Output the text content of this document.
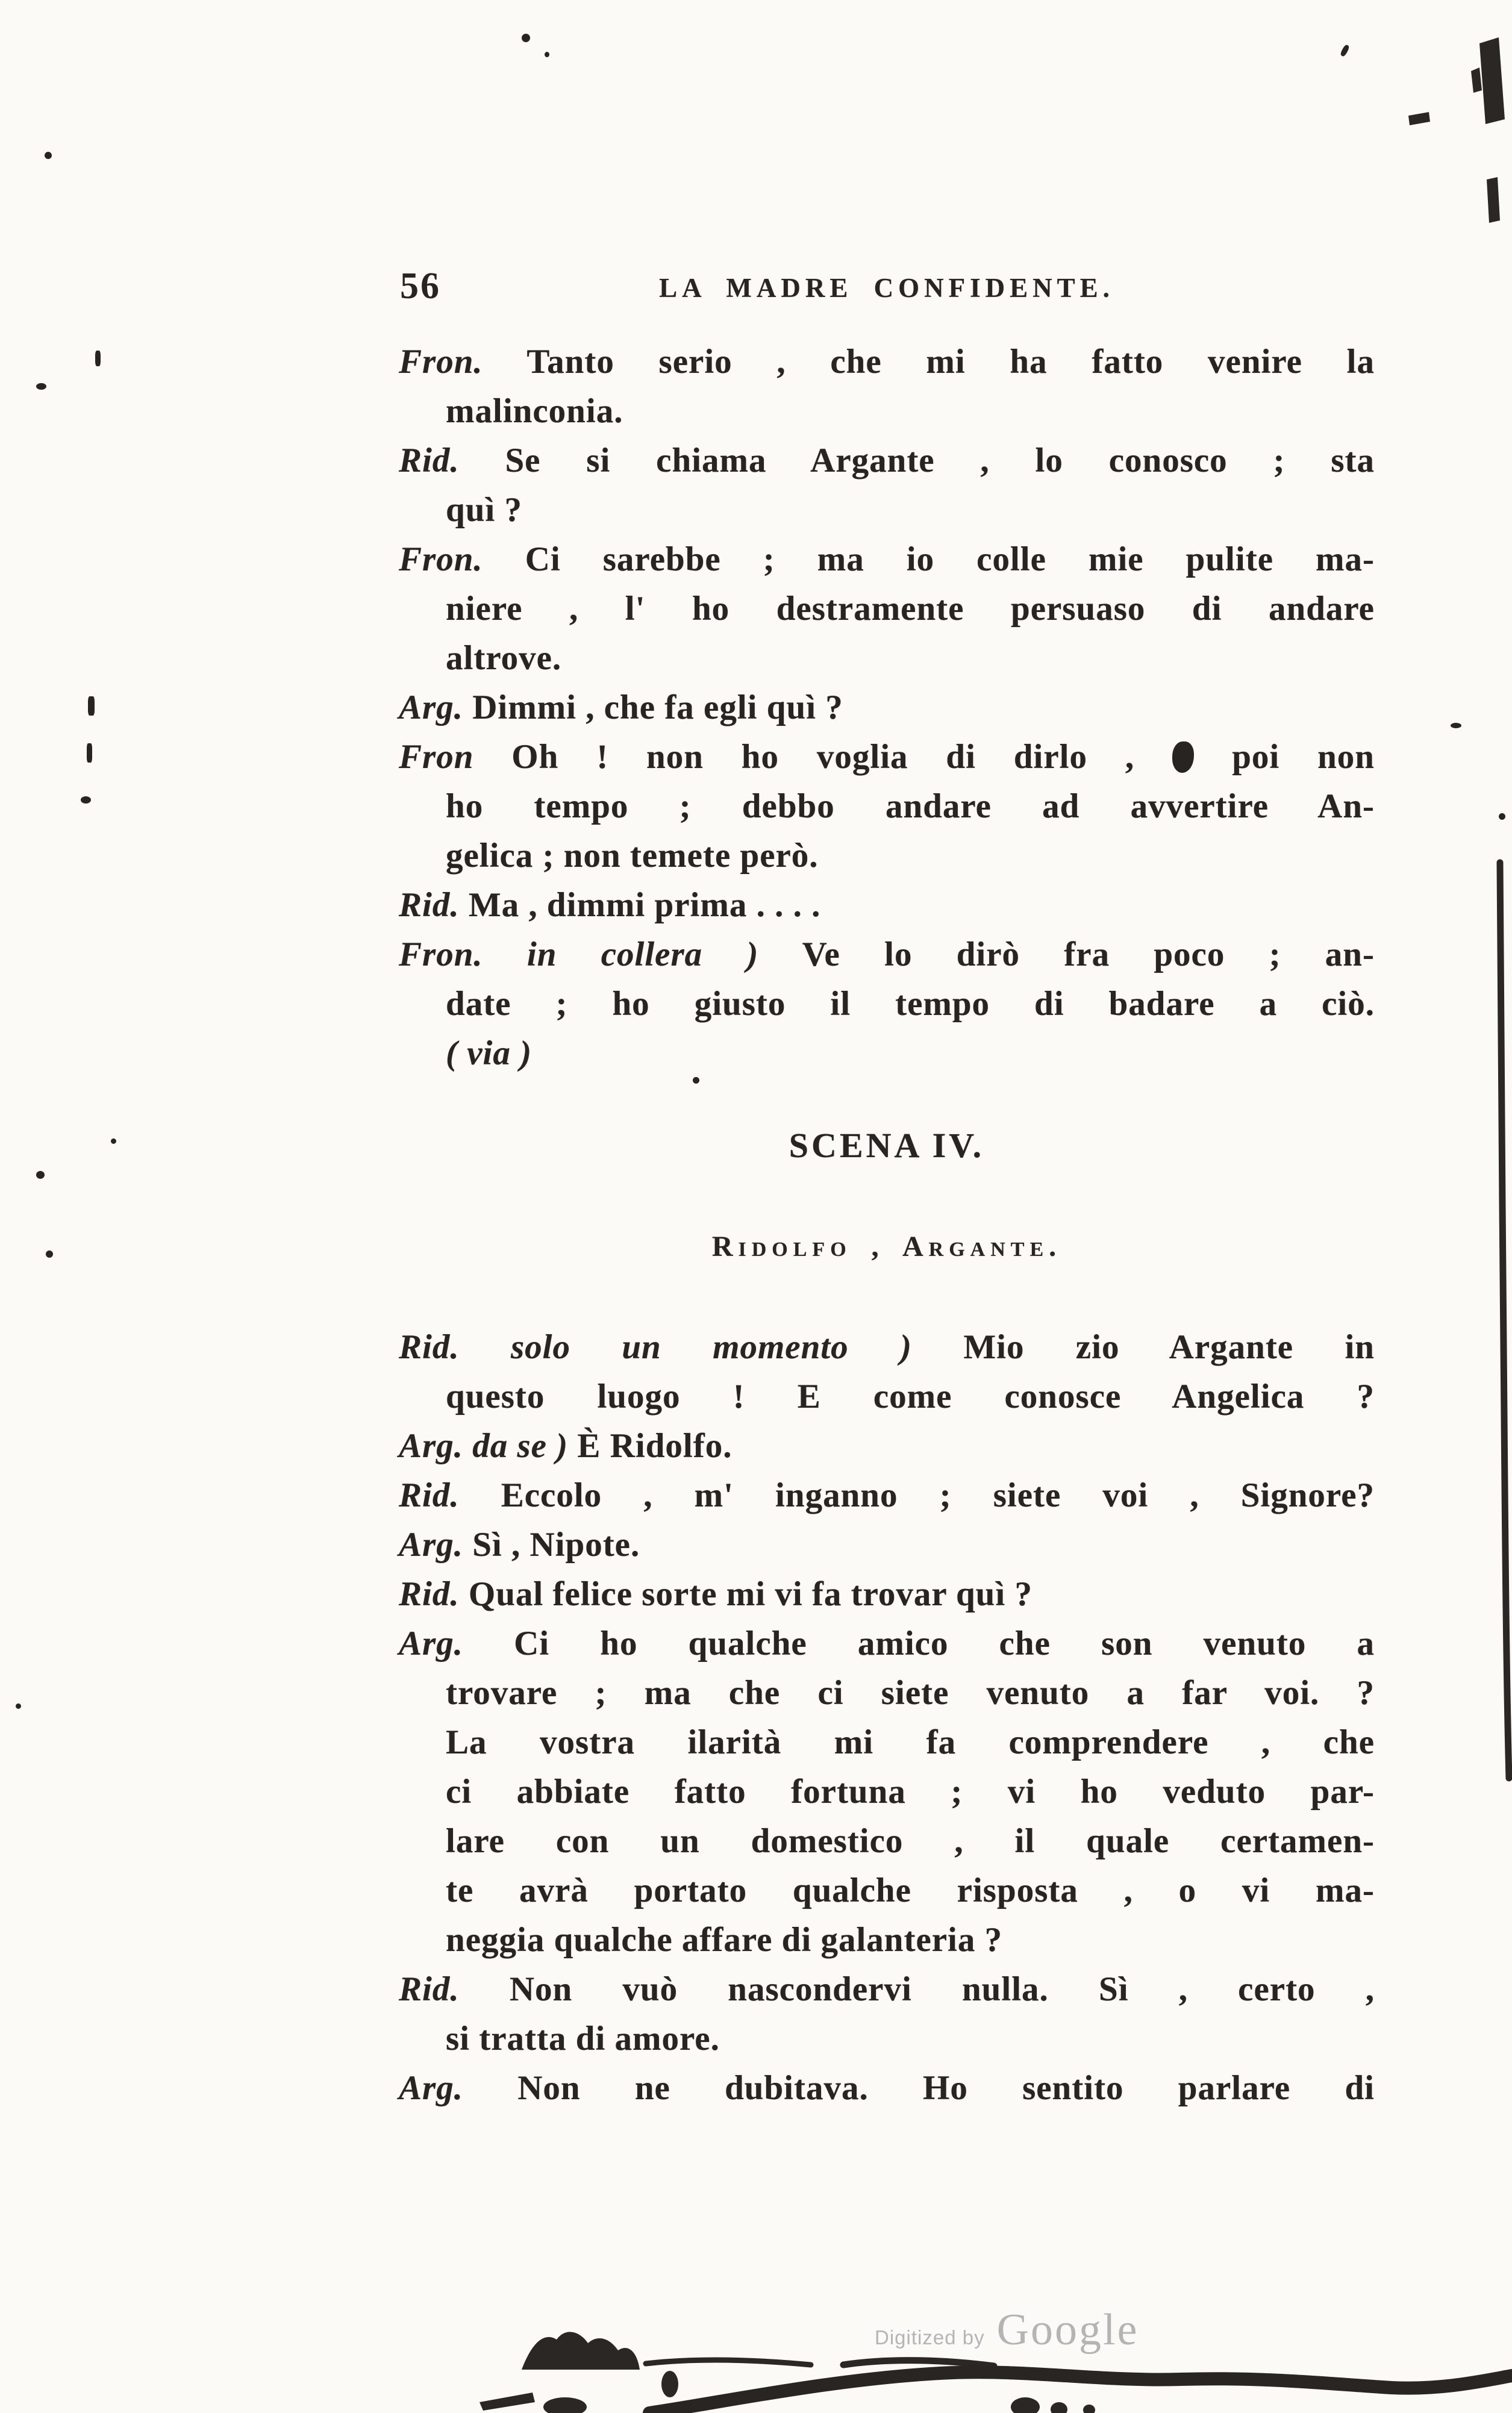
56	LA MADRE CONFIDENTE.
Fron. Tanto serio , che mi ha fatto venire la
malinconia.
Rid. Se si chiama Argante , lo conosco ; sta
quì ?
Fron. Ci sarebbe ; ma io colle mie pulite ma-
niere , l' ho destramente persuaso di andare
altrove.
Arg. Dimmi , che fa egli quì ?
Fron Oh ! non ho voglia di dirlo , e poi non
ho tempo ; debbo andare ad avvertire An-
gelica ; non temete però.
Rid. Ma , dimmi prima . . . .
Fron. in collera ) Ve lo dirò fra poco ; an-
date ; ho giusto il tempo di badare a ciò.
( via )
SCENA IV.
Ridolfo , Argante.
Rid. solo un momento ) Mio zio Argante in
questo luogo ! E come conosce Angelica ?
Arg. da se ) È Ridolfo.
Rid. Eccolo , m' inganno ; siete voi , Signore?
Arg. Sì , Nipote.
Rid. Qual felice sorte mi vi fa trovar quì ?
Arg. Ci ho qualche amico che son venuto a
trovare ; ma che ci siete venuto a far voi. ?
La vostra ilarità mi fa comprendere , che
ci abbiate fatto fortuna ; vi ho veduto par-
lare con un domestico , il quale certamen-
te avrà portato qualche risposta , o vi ma-
neggia qualche affare di galanteria ?
Rid. Non vuò nascondervi nulla. Sì , certo ,
si tratta di amore.
Arg. Non ne dubitava. Ho sentito parlare di
Digitized by Google
